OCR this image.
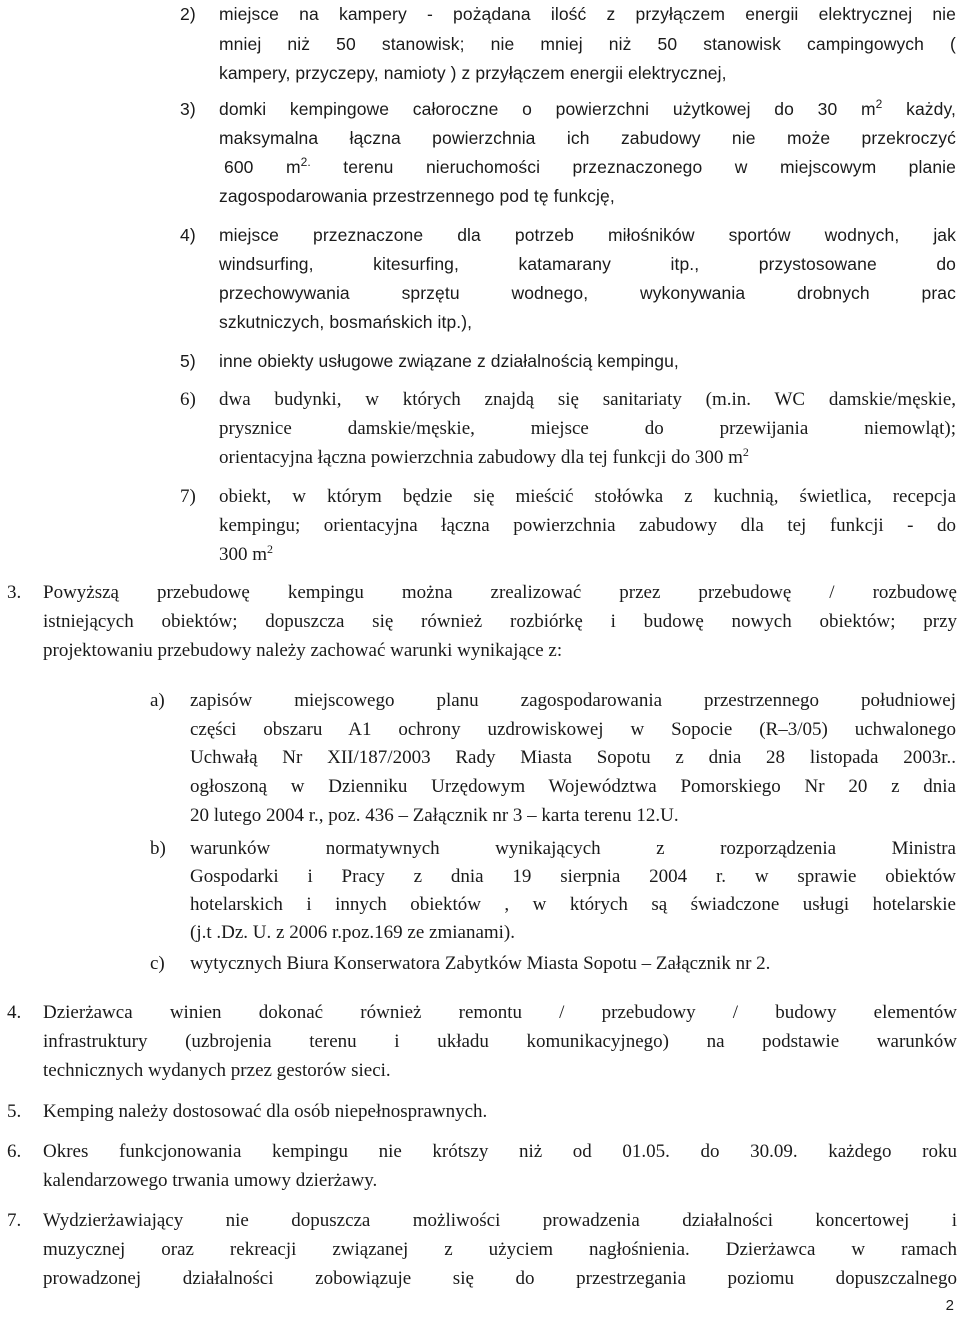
2) miejsce na kampery - pożądana ilość z przyłączem energii elektrycznej nie
mniej niż 50 stanowisk; nie mniej niż 50 stanowisk campingowych (
kampery, przyczepy, namioty ) z przyłączem energii elektrycznej,
3) domki kempingowe całoroczne o powierzchni użytkowej do 30 $m^2$ każdy,
maksymalna łączna powierzchnia ich zabudowy nie może przekroczyć
600 $m^{2.}$ terenu nieruchomości przeznaczonego w miejscowym planie
zagospodarowania przestrzennego pod tę funkcję,
4) miejsce przeznaczone dla potrzeb miłośników sportów wodnych, jak
windsurfing, kitesurfing, katamarany itp., przystosowane do
przechowywania sprzętu wodnego, wykonywania drobnych prac
szkutniczych, bosmańskich itp.),
5) inne obiekty usługowe związane z działalnością kempingu,
6) dwa budynki, w których znajdą się sanitariaty (m.in. WC damskie/męskie,
prysznice damskie/męskie, miejsce do przewijania niemowląt);
orientacyjna łączna powierzchnia zabudowy dla tej funkcji do 300 $m^2$
7) obiekt, w którym będzie się mieścić stołówka z kuchnią, świetlica, recepcja
kempingu; orientacyjna łączna powierzchnia zabudowy dla tej funkcji - do
300 $m^2$
3. Powyższą przebudowę kempingu można zrealizować przez przebudowę / rozbudowę
istniejących obiektów; dopuszcza się również rozbiórkę i budowę nowych obiektów; przy
projektowaniu przebudowy należy zachować warunki wynikające z:
a) zapisów miejscowego planu zagospodarowania przestrzennego południowej
części obszaru A1 ochrony uzdrowiskowej w Sopocie (R–3/05) uchwalonego
Uchwałą Nr XII/187/2003 Rady Miasta Sopotu z dnia 28 listopada 2003r..
ogłoszoną w Dzienniku Urzędowym Województwa Pomorskiego Nr 20 z dnia
20 lutego 2004 r., poz. 436 – Załącznik nr 3 – karta terenu 12.U.
b) warunków normatywnych wynikających z rozporządzenia Ministra
Gospodarki i Pracy z dnia 19 sierpnia 2004 r. w sprawie obiektów
hotelarskich i innych obiektów , w których są świadczone usługi hotelarskie
(j.t .Dz. U. z 2006 r.poz.169 ze zmianami).
c) wytycznych Biura Konserwatora Zabytków Miasta Sopotu – Załącznik nr 2.
4. Dzierżawca winien dokonać również remontu / przebudowy / budowy elementów
infrastruktury (uzbrojenia terenu i układu komunikacyjnego) na podstawie warunków
technicznych wydanych przez gestorów sieci.
5. Kemping należy dostosować dla osób niepełnosprawnych.
6. Okres funkcjonowania kempingu nie krótszy niż od 01.05. do 30.09. każdego roku
kalendarzowego trwania umowy dzierżawy.
7. Wydzierżawiający nie dopuszcza możliwości prowadzenia działalności koncertowej i
muzycznej oraz rekreacji związanej z użyciem nagłośnienia. Dzierżawca w ramach
prowadzonej działalności zobowiązuje się do przestrzegania poziomu dopuszczalnego
2
